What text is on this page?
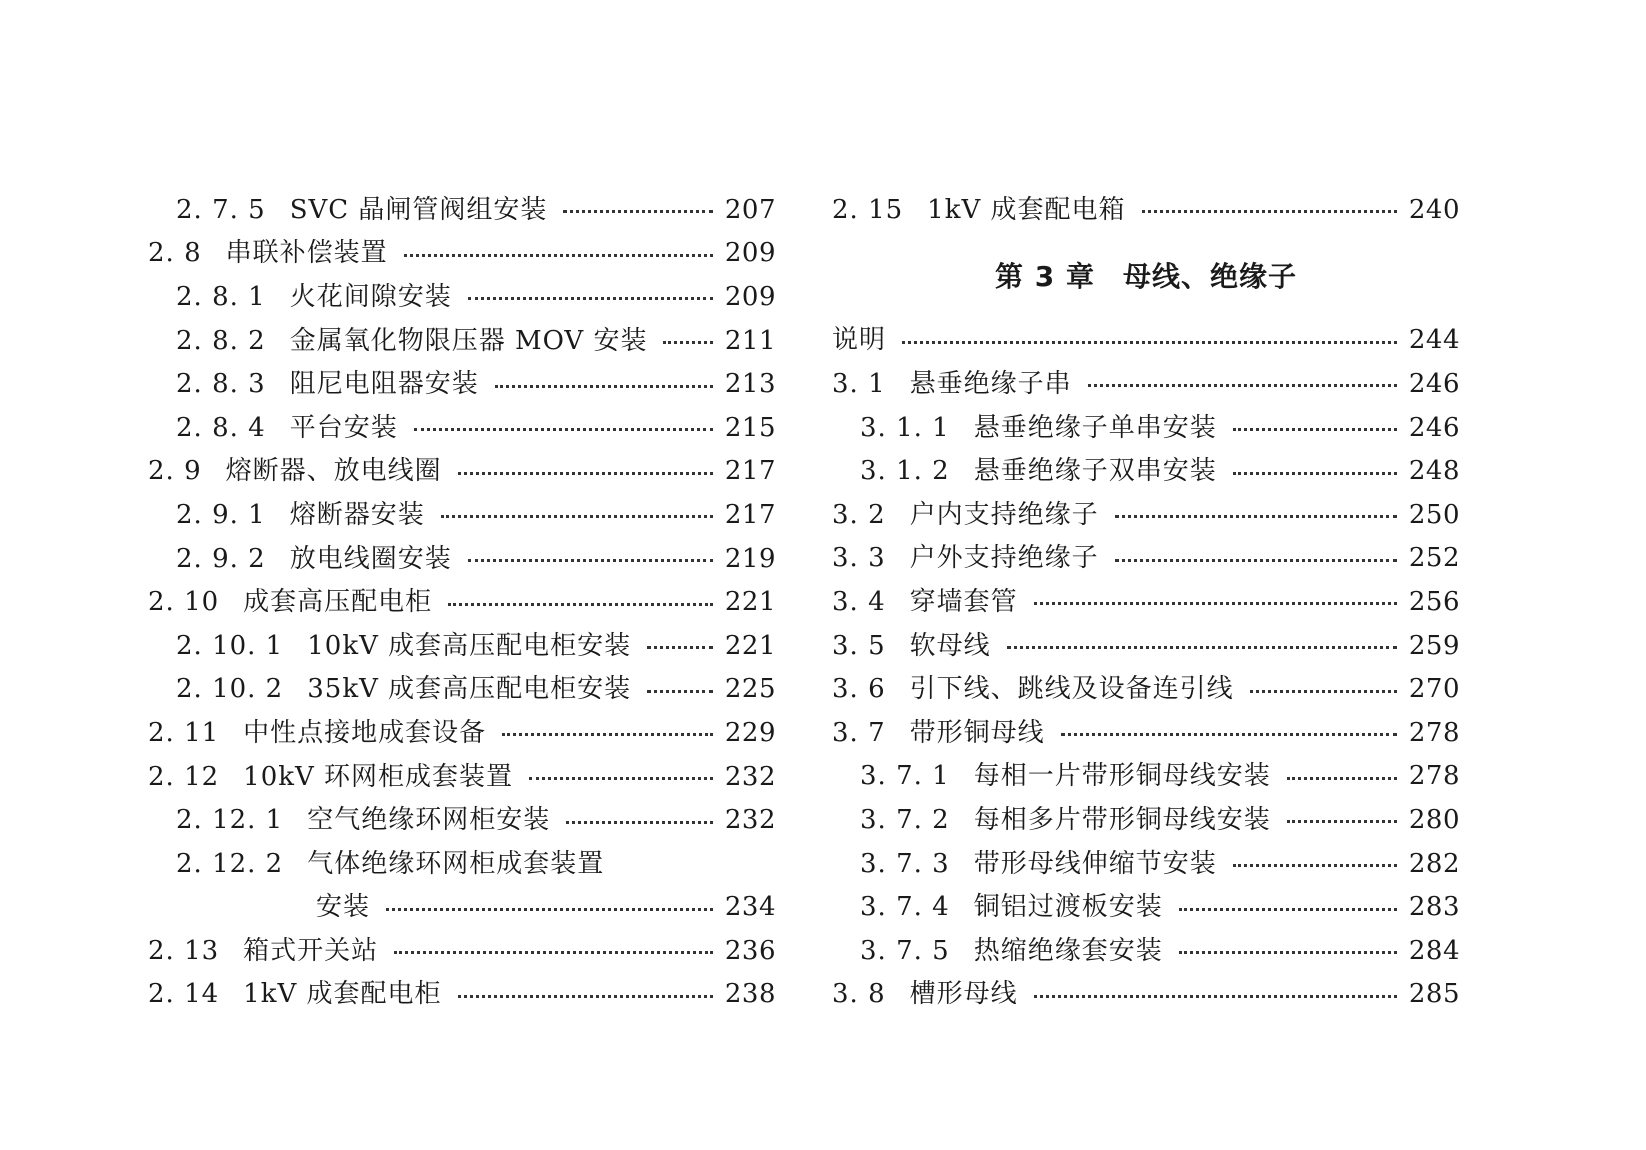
2. 7. 5 SVC 晶闸管阀组安装	207
2. 8 串联补偿装置	209
2. 8. 1 火花间隙安装	209
2. 8. 2 金属氧化物限压器 MOV 安装	211
2. 8. 3 阻尼电阻器安装	213
2. 8. 4 平台安装	215
2. 9 熔断器、放电线圈	217
2. 9. 1 熔断器安装	217
2. 9. 2 放电线圈安装	219
2. 10 成套高压配电柜	221
2. 10. 1 10kV 成套高压配电柜安装	221
2. 10. 2 35kV 成套高压配电柜安装	225
2. 11 中性点接地成套设备	229
2. 12 10kV 环网柜成套装置	232
2. 12. 1 空气绝缘环网柜安装	232
2. 12. 2 气体绝缘环网柜成套装置
安装	234
2. 13 箱式开关站	236
2. 14 1kV 成套配电柜	238
2. 15 1kV 成套配电箱	240
第 3 章 母线、绝缘子
说明	244
3. 1 悬垂绝缘子串	246
3. 1. 1 悬垂绝缘子单串安装	246
3. 1. 2 悬垂绝缘子双串安装	248
3. 2 户内支持绝缘子	250
3. 3 户外支持绝缘子	252
3. 4 穿墙套管	256
3. 5 软母线	259
3. 6 引下线、跳线及设备连引线	270
3. 7 带形铜母线	278
3. 7. 1 每相一片带形铜母线安装	278
3. 7. 2 每相多片带形铜母线安装	280
3. 7. 3 带形母线伸缩节安装	282
3. 7. 4 铜铝过渡板安装	283
3. 7. 5 热缩绝缘套安装	284
3. 8 槽形母线	285
